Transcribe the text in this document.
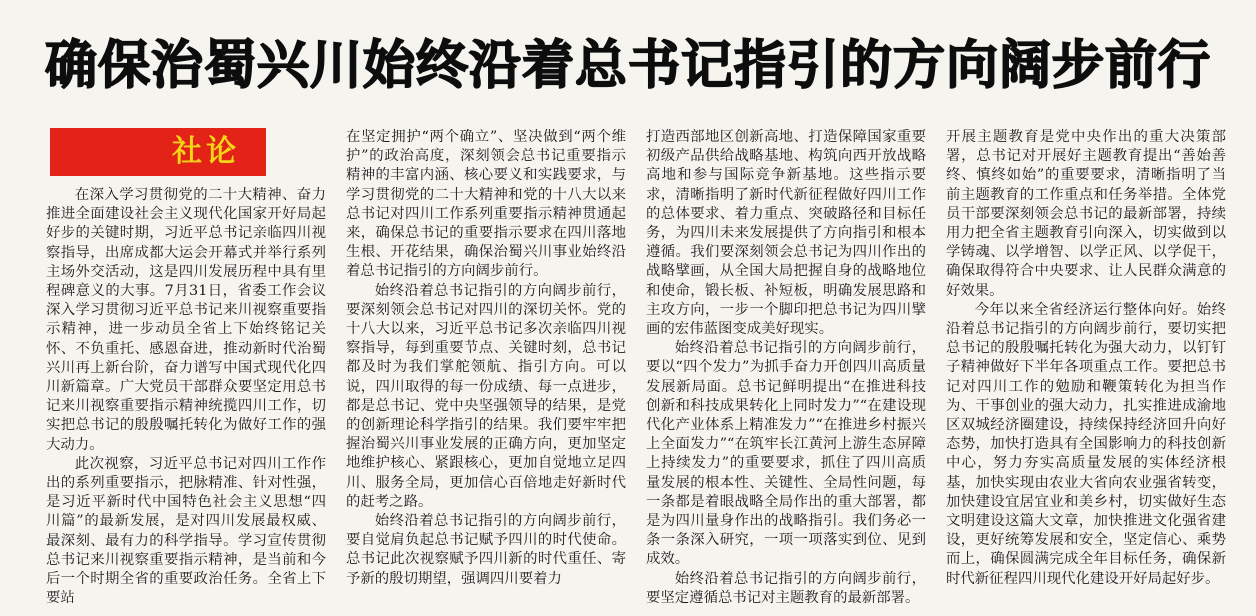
确保治蜀兴川始终沿着总书记指引的方向阔步前行
社论

在深入学习贯彻党的二十大精神、奋力推进全面建设社会主义现代化国家开好局起好步的关键时期，习近平总书记亲临四川视察指导，出席成都大运会开幕式并举行系列主场外交活动，这是四川发展历程中具有里程碑意义的大事。7月31日，省委工作会议深入学习贯彻习近平总书记来川视察重要指示精神，进一步动员全省上下始终铭记关怀、不负重托、感恩奋进，推动新时代治蜀兴川再上新台阶，奋力谱写中国式现代化四川新篇章。广大党员干部群众要坚定用总书记来川视察重要指示精神统揽四川工作，切实把总书记的殷殷嘱托转化为做好工作的强大动力。

此次视察，习近平总书记对四川工作作出的系列重要指示，把脉精准、针对性强，是习近平新时代中国特色社会主义思想“四川篇”的最新发展，是对四川发展最权威、最深刻、最有力的科学指导。学习宣传贯彻总书记来川视察重要指示精神，是当前和今后一个时期全省的重要政治任务。全省上下要站

在坚定拥护“两个确立”、坚决做到“两个维护”的政治高度，深刻领会总书记重要指示精神的丰富内涵、核心要义和实践要求，与学习贯彻党的二十大精神和党的十八大以来总书记对四川工作系列重要指示精神贯通起来，确保总书记的重要指示要求在四川落地生根、开花结果，确保治蜀兴川事业始终沿着总书记指引的方向阔步前行。

始终沿着总书记指引的方向阔步前行，要深刻领会总书记对四川的深切关怀。党的十八大以来，习近平总书记多次亲临四川视察指导，每到重要节点、关键时刻，总书记都及时为我们掌舵领航、指引方向。可以说，四川取得的每一份成绩、每一点进步，都是总书记、党中央坚强领导的结果，是党的创新理论科学指引的结果。我们要牢牢把握治蜀兴川事业发展的正确方向，更加坚定地维护核心、紧跟核心，更加自觉地立足四川、服务全局，更加信心百倍地走好新时代的赶考之路。

始终沿着总书记指引的方向阔步前行，要自觉肩负起总书记赋予四川的时代使命。总书记此次视察赋予四川新的时代重任、寄予新的殷切期望，强调四川要着力

打造西部地区创新高地、打造保障国家重要初级产品供给战略基地、构筑向西开放战略高地和参与国际竞争新基地。这些指示要求，清晰指明了新时代新征程做好四川工作的总体要求、着力重点、突破路径和目标任务，为四川未来发展提供了方向指引和根本遵循。我们要深刻领会总书记为四川作出的战略擘画，从全国大局把握自身的战略地位和使命，锻长板、补短板，明确发展思路和主攻方向，一步一个脚印把总书记为四川擘画的宏伟蓝图变成美好现实。

始终沿着总书记指引的方向阔步前行，要以“四个发力”为抓手奋力开创四川高质量发展新局面。总书记鲜明提出“在推进科技创新和科技成果转化上同时发力”“在建设现代化产业体系上精准发力”“在推进乡村振兴上全面发力”“在筑牢长江黄河上游生态屏障上持续发力”的重要要求，抓住了四川高质量发展的根本性、关键性、全局性问题，每一条都是着眼战略全局作出的重大部署，都是为四川量身作出的战略指引。我们务必一条一条深入研究，一项一项落实到位、见到成效。

始终沿着总书记指引的方向阔步前行，要坚定遵循总书记对主题教育的最新部署。

开展主题教育是党中央作出的重大决策部署，总书记对开展好主题教育提出“善始善终、慎终如始”的重要要求，清晰指明了当前主题教育的工作重点和任务举措。全体党员干部要深刻领会总书记的最新部署，持续用力把全省主题教育引向深入，切实做到以学铸魂、以学增智、以学正风、以学促干，确保取得符合中央要求、让人民群众满意的好效果。

今年以来全省经济运行整体向好。始终沿着总书记指引的方向阔步前行，要切实把总书记的殷殷嘱托转化为强大动力，以钉钉子精神做好下半年各项重点工作。要把总书记对四川工作的勉励和鞭策转化为担当作为、干事创业的强大动力，扎实推进成渝地区双城经济圈建设，持续保持经济回升向好态势，加快打造具有全国影响力的科技创新中心，努力夯实高质量发展的实体经济根基，加快实现由农业大省向农业强省转变，加快建设宜居宜业和美乡村，切实做好生态文明建设这篇大文章，加快推进文化强省建设，更好统筹发展和安全，坚定信心、乘势而上，确保圆满完成全年目标任务，确保新时代新征程四川现代化建设开好局起好步。
